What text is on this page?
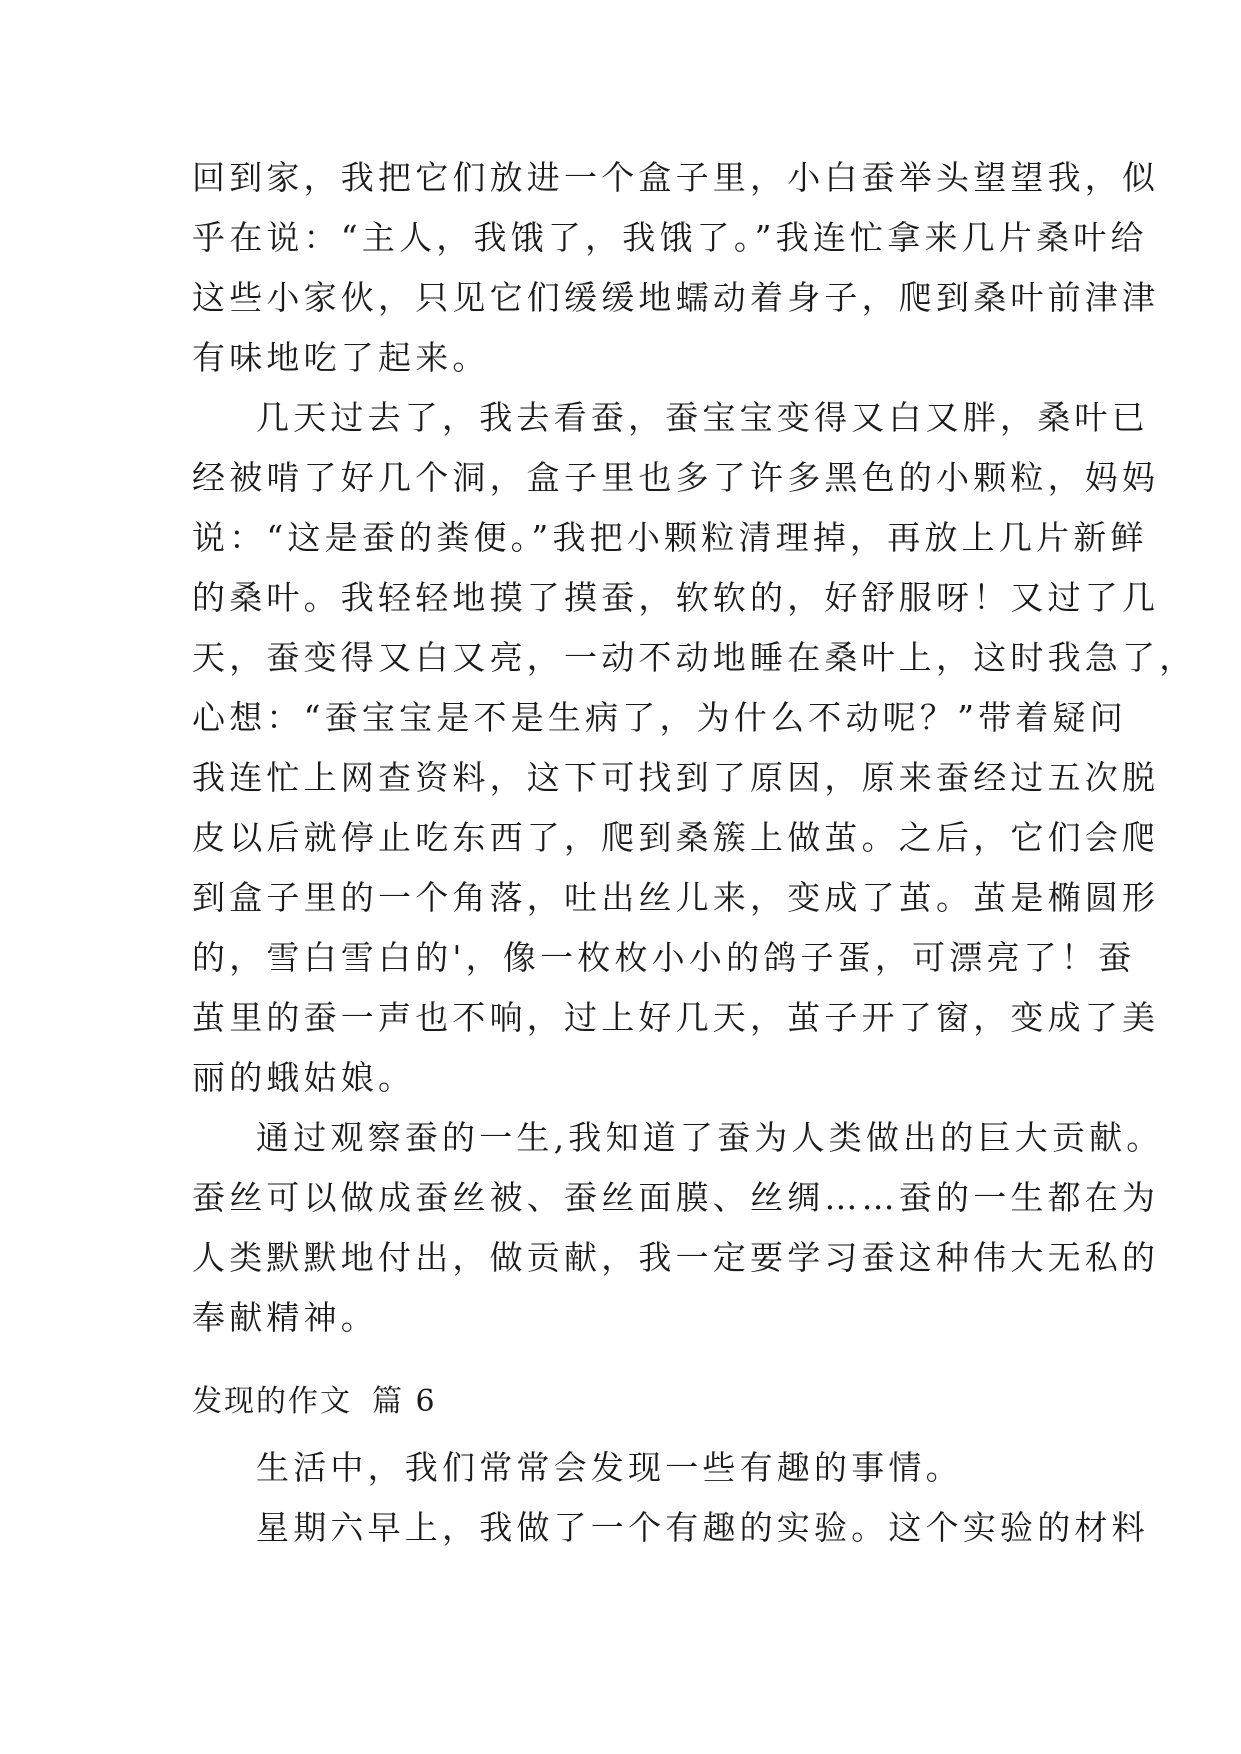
回到家，我把它们放进一个盒子里，小白蚕举头望望我，似
乎在说：“主人，我饿了，我饿了。”我连忙拿来几片桑叶给
这些小家伙，只见它们缓缓地蠕动着身子，爬到桑叶前津津
有味地吃了起来。
几天过去了，我去看蚕，蚕宝宝变得又白又胖，桑叶已
经被啃了好几个洞，盒子里也多了许多黑色的小颗粒，妈妈
说：“这是蚕的粪便。”我把小颗粒清理掉，再放上几片新鲜
的桑叶。我轻轻地摸了摸蚕，软软的，好舒服呀！又过了几
天，蚕变得又白又亮，一动不动地睡在桑叶上，这时我急了，
心想：“蚕宝宝是不是生病了，为什么不动呢？”带着疑问
我连忙上网查资料，这下可找到了原因，原来蚕经过五次脱
皮以后就停止吃东西了，爬到桑簇上做茧。之后，它们会爬
到盒子里的一个角落，吐出丝儿来，变成了茧。茧是椭圆形
的，雪白雪白的'，像一枚枚小小的鸽子蛋，可漂亮了！蚕
茧里的蚕一声也不响，过上好几天，茧子开了窗，变成了美
丽的蛾姑娘。
通过观察蚕的一生,我知道了蚕为人类做出的巨大贡献。
蚕丝可以做成蚕丝被、蚕丝面膜、丝绸……蚕的一生都在为
人类默默地付出，做贡献，我一定要学习蚕这种伟大无私的
奉献精神。
发现的作文 篇 6
生活中，我们常常会发现一些有趣的事情。
星期六早上，我做了一个有趣的实验。这个实验的材料
